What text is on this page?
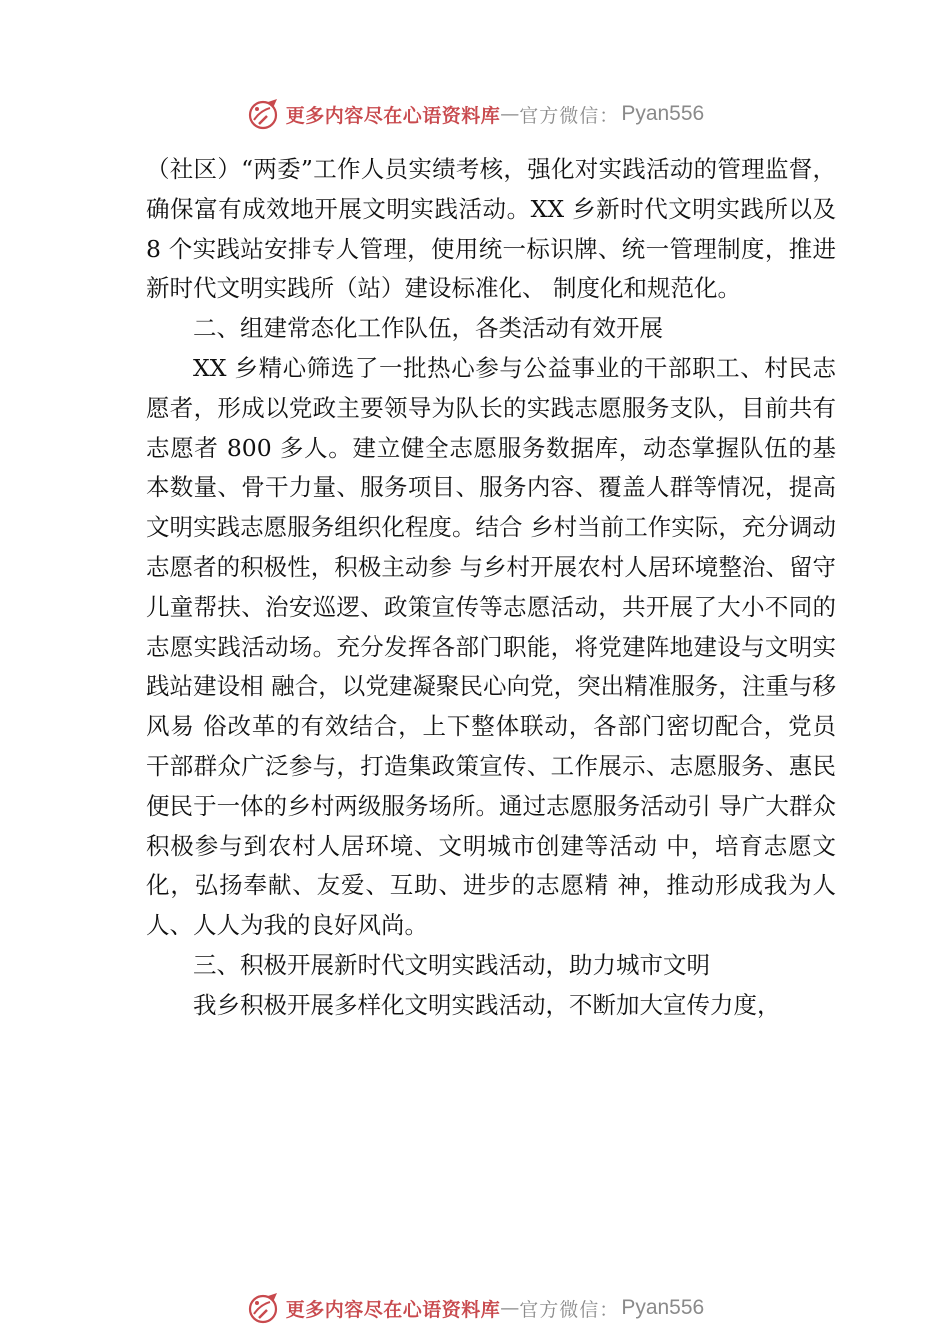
更多内容尽在心语资料库 — 官方微信： Pyan556

（社区）“两委”工作人员实绩考核，强化对实践活动的管理监督，确保富有成效地开展文明实践活动。XX 乡新时代文明实践所以及 8 个实践站安排专人管理，使用统一标识牌、统一管理制度，推进新时代文明实践所（站）建设标准化、 制度化和规范化。

二、组建常态化工作队伍，各类活动有效开展

XX 乡精心筛选了一批热心参与公益事业的干部职工、村民志愿者，形成以党政主要领导为队长的实践志愿服务支队，目前共有志愿者 800 多人。建立健全志愿服务数据库，动态掌握队伍的基本数量、骨干力量、服务项目、服务内容、覆盖人群等情况，提高文明实践志愿服务组织化程度。结合 乡村当前工作实际，充分调动志愿者的积极性，积极主动参 与乡村开展农村人居环境整治、留守儿童帮扶、治安巡逻、政策宣传等志愿活动，共开展了大小不同的志愿实践活动场。充分发挥各部门职能，将党建阵地建设与文明实践站建设相 融合，以党建凝聚民心向党，突出精准服务，注重与移风易 俗改革的有效结合，上下整体联动，各部门密切配合，党员 干部群众广泛参与，打造集政策宣传、工作展示、志愿服务、惠民便民于一体的乡村两级服务场所。通过志愿服务活动引 导广大群众积极参与到农村人居环境、文明城市创建等活动 中，培育志愿文化，弘扬奉献、友爱、互助、进步的志愿精 神，推动形成我为人人、人人为我的良好风尚。

三、积极开展新时代文明实践活动，助力城市文明

我乡积极开展多样化文明实践活动，不断加大宣传力度，

更多内容尽在心语资料库 — 官方微信： Pyan556
